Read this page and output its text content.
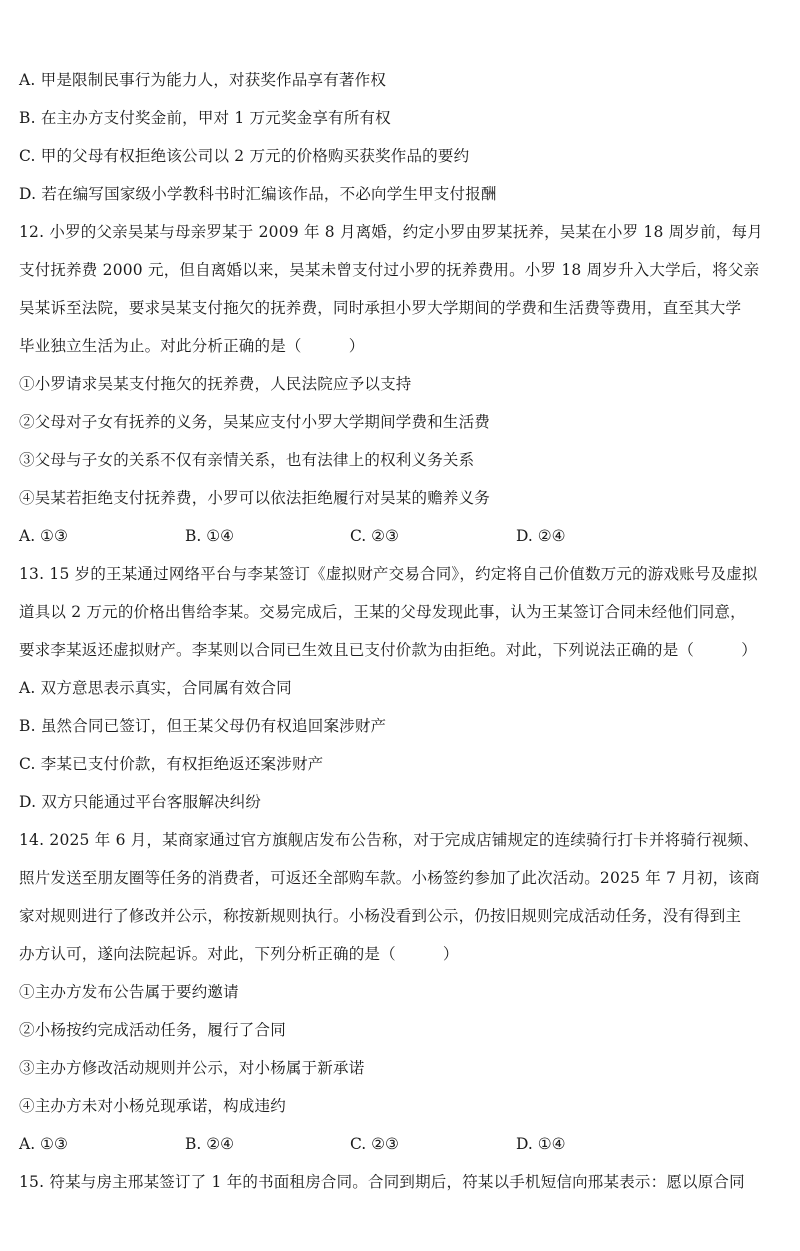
A. 甲是限制民事行为能力人，对获奖作品享有著作权
B. 在主办方支付奖金前，甲对 1 万元奖金享有所有权
C. 甲的父母有权拒绝该公司以 2 万元的价格购买获奖作品的要约
D. 若在编写国家级小学教科书时汇编该作品，不必向学生甲支付报酬
12. 小罗的父亲吴某与母亲罗某于 2009 年 8 月离婚，约定小罗由罗某抚养，吴某在小罗 18 周岁前，每月
支付抚养费 2000 元，但自离婚以来，吴某未曾支付过小罗的抚养费用。小罗 18 周岁升入大学后，将父亲
吴某诉至法院，要求吴某支付拖欠的抚养费，同时承担小罗大学期间的学费和生活费等费用，直至其大学
毕业独立生活为止。对此分析正确的是（　　　）
①小罗请求吴某支付拖欠的抚养费，人民法院应予以支持
②父母对子女有抚养的义务，吴某应支付小罗大学期间学费和生活费
③父母与子女的关系不仅有亲情关系，也有法律上的权利义务关系
④吴某若拒绝支付抚养费，小罗可以依法拒绝履行对吴某的赡养义务
A. ①③	B. ①④	C. ②③	D. ②④
13. 15 岁的王某通过网络平台与李某签订《虚拟财产交易合同》，约定将自己价值数万元的游戏账号及虚拟
道具以 2 万元的价格出售给李某。交易完成后，王某的父母发现此事，认为王某签订合同未经他们同意，
要求李某返还虚拟财产。李某则以合同已生效且已支付价款为由拒绝。对此，下列说法正确的是（　　　）
A. 双方意思表示真实，合同属有效合同
B. 虽然合同已签订，但王某父母仍有权追回案涉财产
C. 李某已支付价款，有权拒绝返还案涉财产
D. 双方只能通过平台客服解决纠纷
14. 2025 年 6 月，某商家通过官方旗舰店发布公告称，对于完成店铺规定的连续骑行打卡并将骑行视频、
照片发送至朋友圈等任务的消费者，可返还全部购车款。小杨签约参加了此次活动。2025 年 7 月初，该商
家对规则进行了修改并公示，称按新规则执行。小杨没看到公示，仍按旧规则完成活动任务，没有得到主
办方认可，遂向法院起诉。对此，下列分析正确的是（　　　）
①主办方发布公告属于要约邀请
②小杨按约完成活动任务，履行了合同
③主办方修改活动规则并公示，对小杨属于新承诺
④主办方未对小杨兑现承诺，构成违约
A. ①③	B. ②④	C. ②③	D. ①④
15. 符某与房主邢某签订了 1 年的书面租房合同。合同到期后，符某以手机短信向邢某表示：愿以原合同
